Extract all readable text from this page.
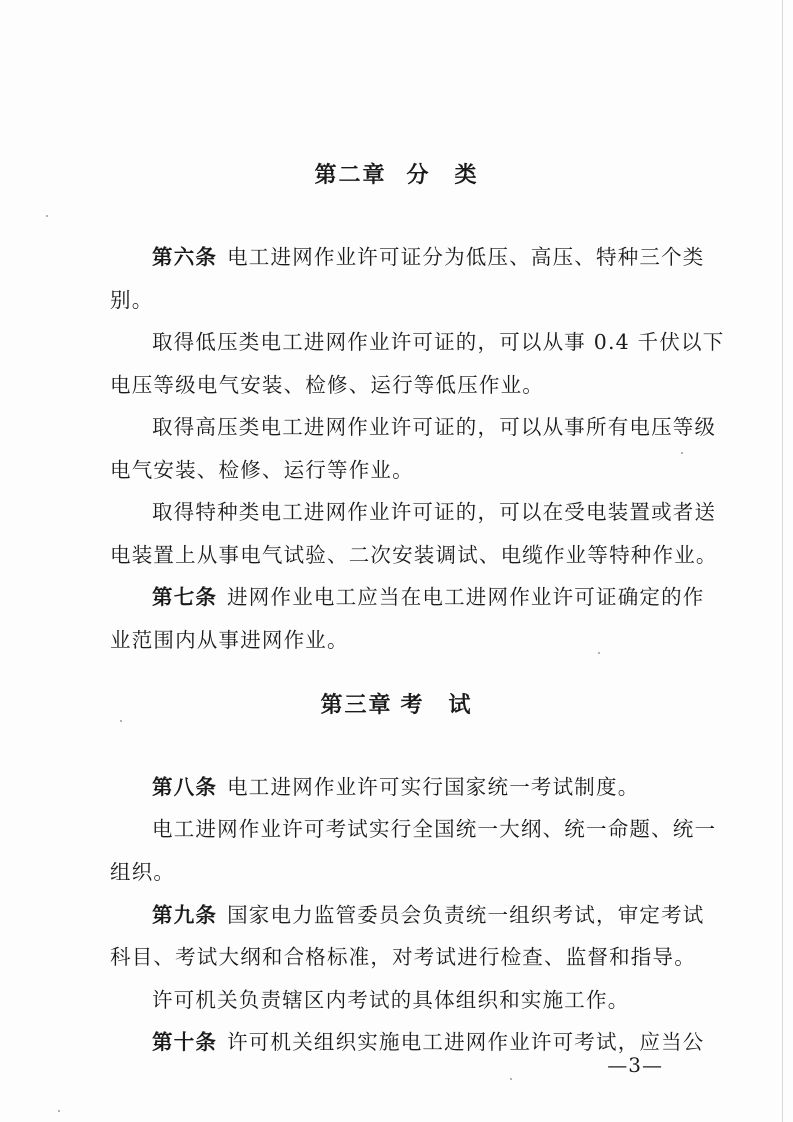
第二章 分　类
第六条 电工进网作业许可证分为低压、高压、特种三个类
别。
取得低压类电工进网作业许可证的，可以从事 0.4 千伏以下
电压等级电气安装、检修、运行等低压作业。
取得高压类电工进网作业许可证的，可以从事所有电压等级
电气安装、检修、运行等作业。
取得特种类电工进网作业许可证的，可以在受电装置或者送
电装置上从事电气试验、二次安装调试、电缆作业等特种作业。
第七条 进网作业电工应当在电工进网作业许可证确定的作
业范围内从事进网作业。
第三章 考　试
第八条 电工进网作业许可实行国家统一考试制度。
电工进网作业许可考试实行全国统一大纲、统一命题、统一
组织。
第九条 国家电力监管委员会负责统一组织考试，审定考试
科目、考试大纲和合格标准，对考试进行检查、监督和指导。
许可机关负责辖区内考试的具体组织和实施工作。
第十条 许可机关组织实施电工进网作业许可考试，应当公
—3—
